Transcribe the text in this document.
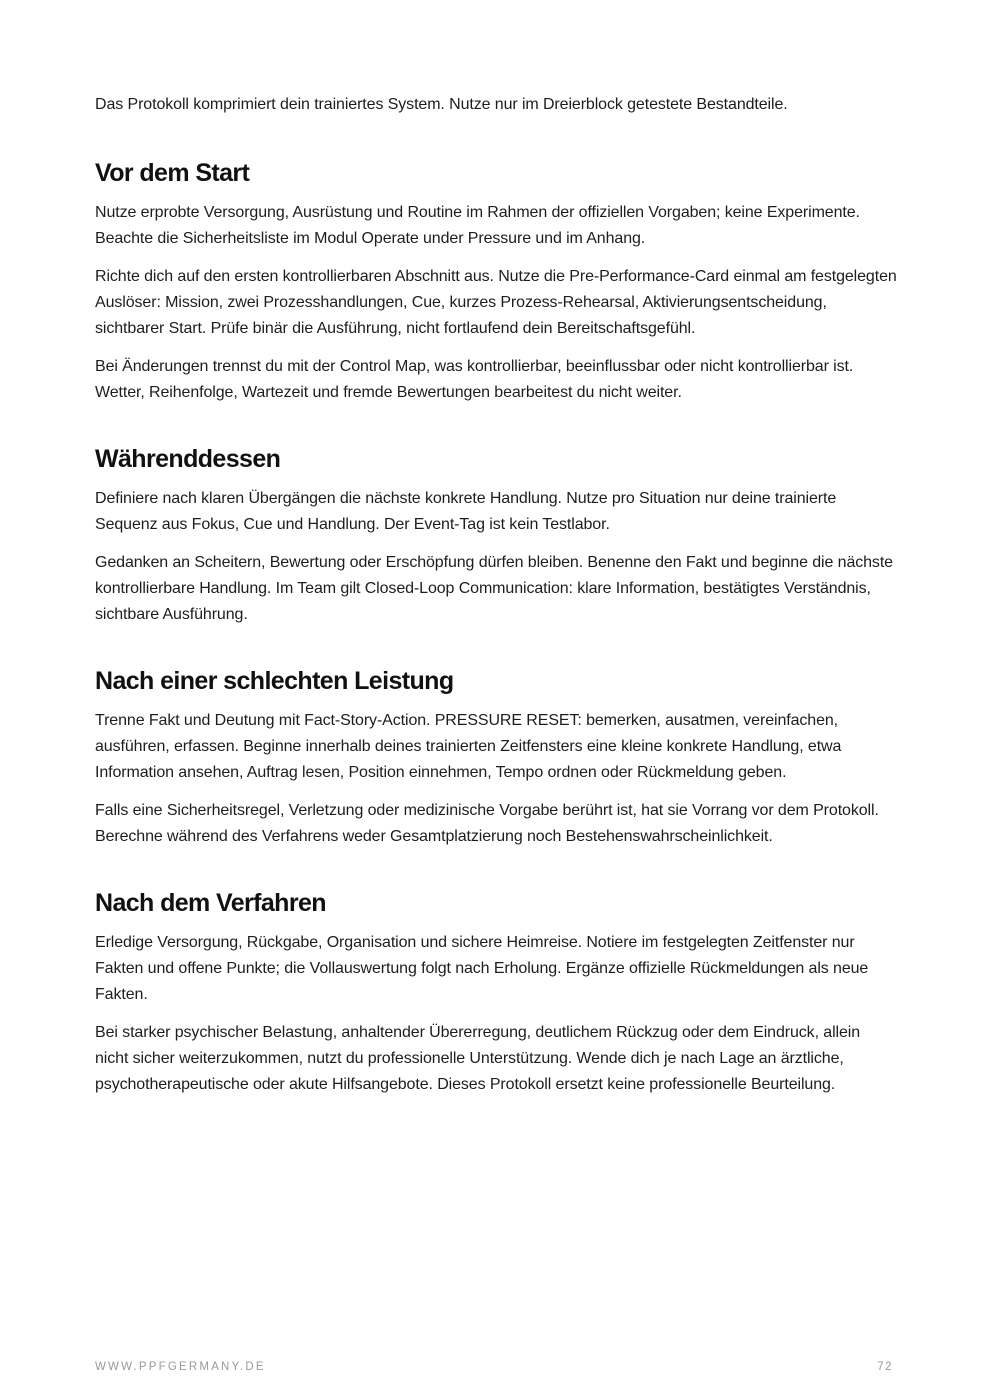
Das Protokoll komprimiert dein trainiertes System. Nutze nur im Dreierblock getestete Bestandteile.

Vor dem Start

Nutze erprobte Versorgung, Ausrüstung und Routine im Rahmen der offiziellen Vorgaben; keine Experimente. Beachte die Sicherheitsliste im Modul Operate under Pressure und im Anhang.

Richte dich auf den ersten kontrollierbaren Abschnitt aus. Nutze die Pre-Performance-Card einmal am festgelegten Auslöser: Mission, zwei Prozesshandlungen, Cue, kurzes Prozess-Rehearsal, Aktivierungsentscheidung, sichtbarer Start. Prüfe binär die Ausführung, nicht fortlaufend dein Bereitschaftsgefühl.

Bei Änderungen trennst du mit der Control Map, was kontrollierbar, beeinflussbar oder nicht kontrollierbar ist. Wetter, Reihenfolge, Wartezeit und fremde Bewertungen bearbeitest du nicht weiter.

Währenddessen

Definiere nach klaren Übergängen die nächste konkrete Handlung. Nutze pro Situation nur deine trainierte Sequenz aus Fokus, Cue und Handlung. Der Event-Tag ist kein Testlabor.

Gedanken an Scheitern, Bewertung oder Erschöpfung dürfen bleiben. Benenne den Fakt und beginne die nächste kontrollierbare Handlung. Im Team gilt Closed-Loop Communication: klare Information, bestätigtes Verständnis, sichtbare Ausführung.

Nach einer schlechten Leistung

Trenne Fakt und Deutung mit Fact-Story-Action. PRESSURE RESET: bemerken, ausatmen, vereinfachen, ausführen, erfassen. Beginne innerhalb deines trainierten Zeitfensters eine kleine konkrete Handlung, etwa Information ansehen, Auftrag lesen, Position einnehmen, Tempo ordnen oder Rückmeldung geben.

Falls eine Sicherheitsregel, Verletzung oder medizinische Vorgabe berührt ist, hat sie Vorrang vor dem Protokoll. Berechne während des Verfahrens weder Gesamtplatzierung noch Bestehenswahrscheinlichkeit.

Nach dem Verfahren

Erledige Versorgung, Rückgabe, Organisation und sichere Heimreise. Notiere im festgelegten Zeitfenster nur Fakten und offene Punkte; die Vollauswertung folgt nach Erholung. Ergänze offizielle Rückmeldungen als neue Fakten.

Bei starker psychischer Belastung, anhaltender Übererregung, deutlichem Rückzug oder dem Eindruck, allein nicht sicher weiterzukommen, nutzt du professionelle Unterstützung. Wende dich je nach Lage an ärztliche, psychotherapeutische oder akute Hilfsangebote. Dieses Protokoll ersetzt keine professionelle Beurteilung.

WWW.PPFGERMANY.DE	72
